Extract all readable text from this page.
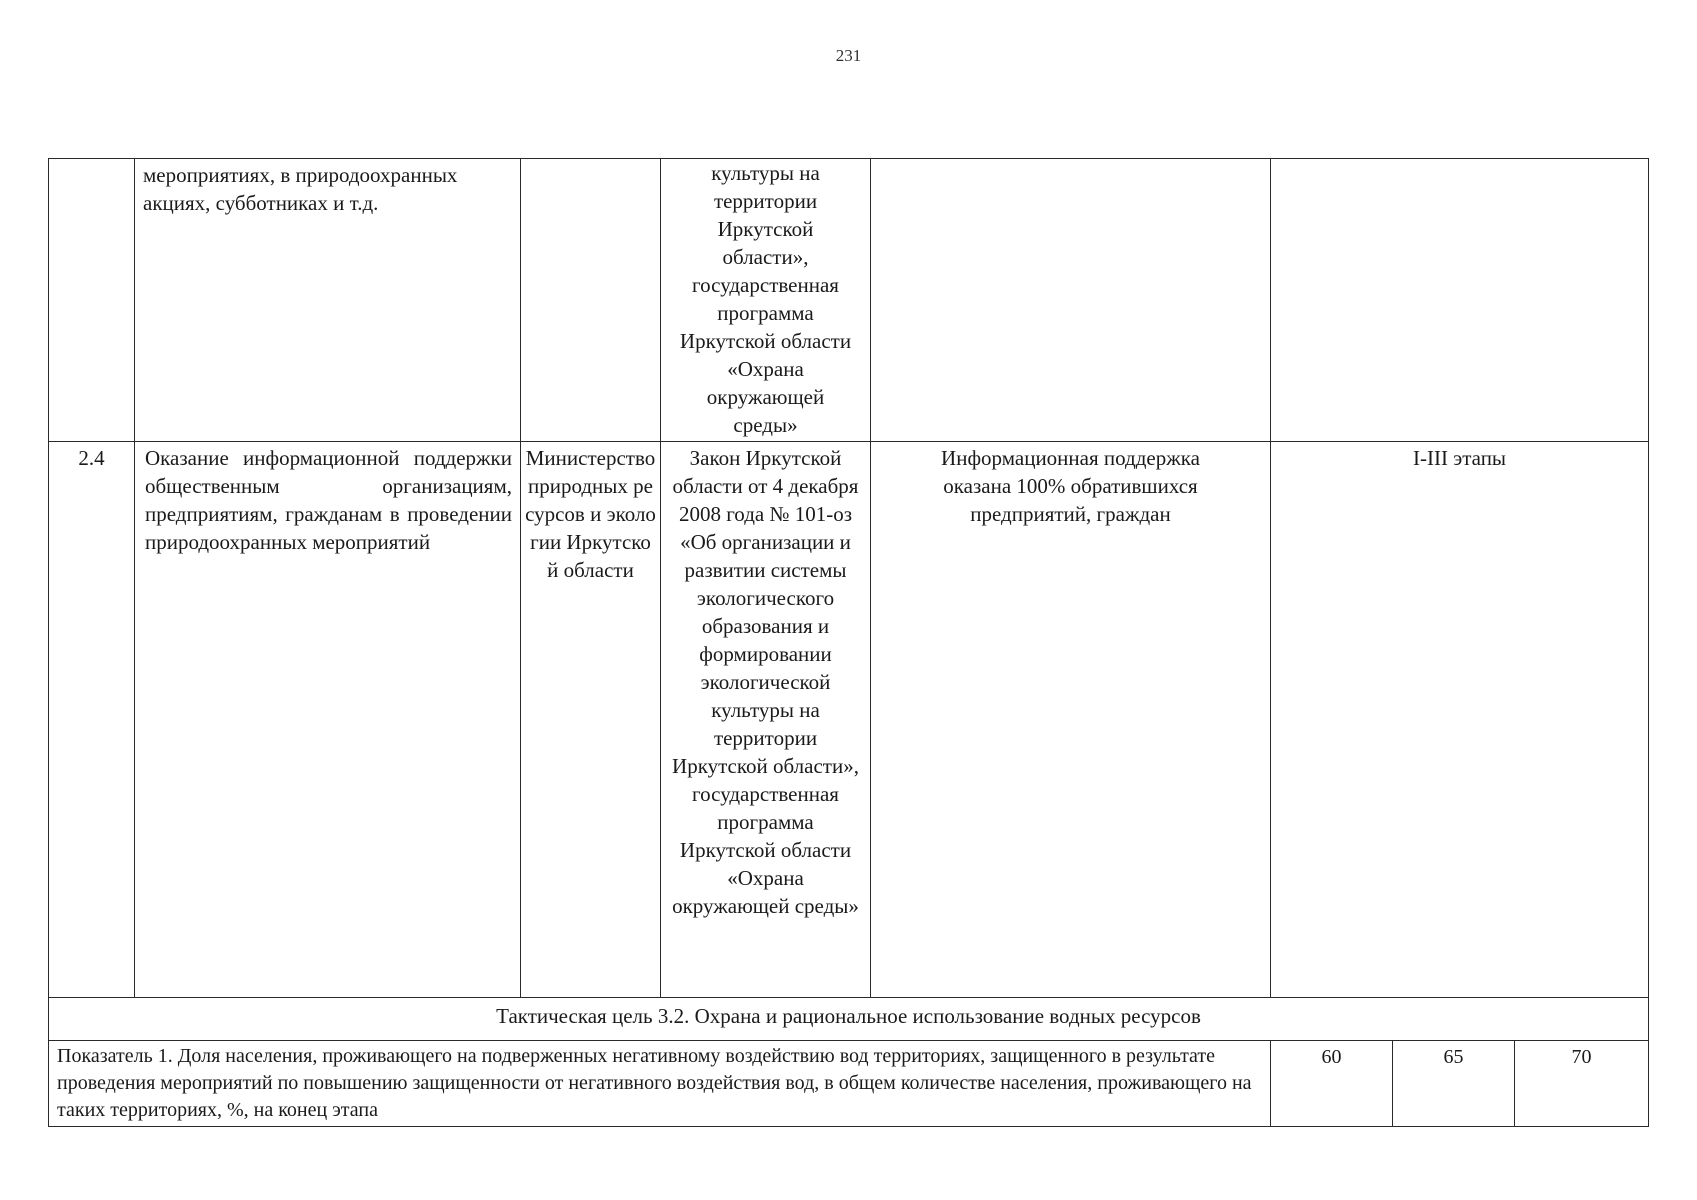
231
	мероприятиях, в природоохранных акциях, субботниках и т.д.		культуры на территории Иркутской области», государственная программа Иркутской области «Охрана окружающей среды»				
2.4	Оказание информационной поддержки общественным организациям, предприятиям, гражданам в проведении природоохранных мероприятий	Министерство природных ресурсов и экологии Иркутской области	Закон Иркутской области от 4 декабря 2008 года № 101-оз «Об организации и развитии системы экологического образования и формировании экологической культуры на территории Иркутской области», государственная программа Иркутской области «Охрана окружающей среды»	Информационная поддержка оказана 100% обратившихся предприятий, граждан	I-III этапы		
Тактическая цель 3.2. Охрана и рациональное использование водных ресурсов							
Показатель 1. Доля населения, проживающего на подверженных негативному воздействию вод территориях, защищенного в результате проведения мероприятий по повышению защищенности от негативного воздействия вод, в общем количестве населения, проживающего на таких территориях, %, на конец этапа					60	65	70
